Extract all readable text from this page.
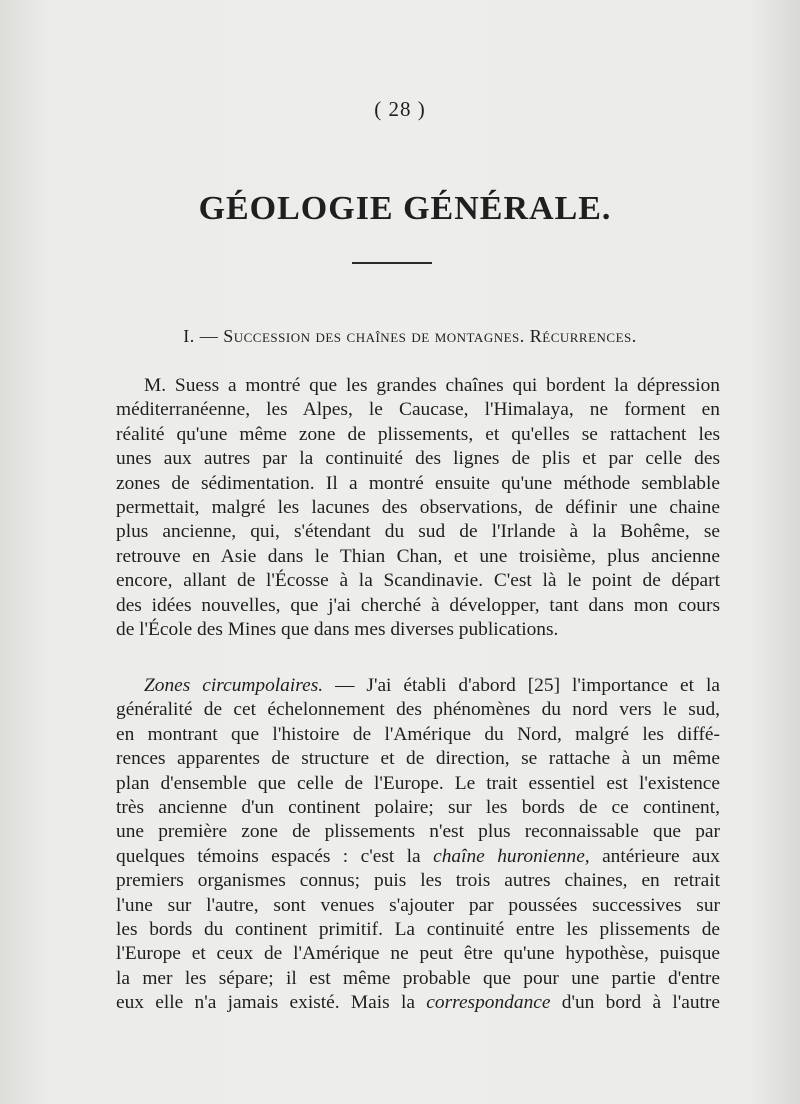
( 28 )
GÉOLOGIE GÉNÉRALE.
I. — Succession des chaînes de montagnes. Récurrences.
M. Suess a montré que les grandes chaînes qui bordent la dépression
méditerranéenne, les Alpes, le Caucase, l'Himalaya, ne forment en
réalité qu'une même zone de plissements, et qu'elles se rattachent les
unes aux autres par la continuité des lignes de plis et par celle des
zones de sédimentation. Il a montré ensuite qu'une méthode semblable
permettait, malgré les lacunes des observations, de définir une chaine
plus ancienne, qui, s'étendant du sud de l'Irlande à la Bohême, se
retrouve en Asie dans le Thian Chan, et une troisième, plus ancienne
encore, allant de l'Écosse à la Scandinavie. C'est là le point de départ
des idées nouvelles, que j'ai cherché à développer, tant dans mon cours
de l'École des Mines que dans mes diverses publications.
Zones circumpolaires. — J'ai établi d'abord [25] l'importance et la
généralité de cet échelonnement des phénomènes du nord vers le sud,
en montrant que l'histoire de l'Amérique du Nord, malgré les diffé-
rences apparentes de structure et de direction, se rattache à un même
plan d'ensemble que celle de l'Europe. Le trait essentiel est l'existence
très ancienne d'un continent polaire; sur les bords de ce continent,
une première zone de plissements n'est plus reconnaissable que par
quelques témoins espacés : c'est la chaîne huronienne, antérieure aux
premiers organismes connus; puis les trois autres chaines, en retrait
l'une sur l'autre, sont venues s'ajouter par poussées successives sur
les bords du continent primitif. La continuité entre les plissements de
l'Europe et ceux de l'Amérique ne peut être qu'une hypothèse, puisque
la mer les sépare; il est même probable que pour une partie d'entre
eux elle n'a jamais existé. Mais la correspondance d'un bord à l'autre
